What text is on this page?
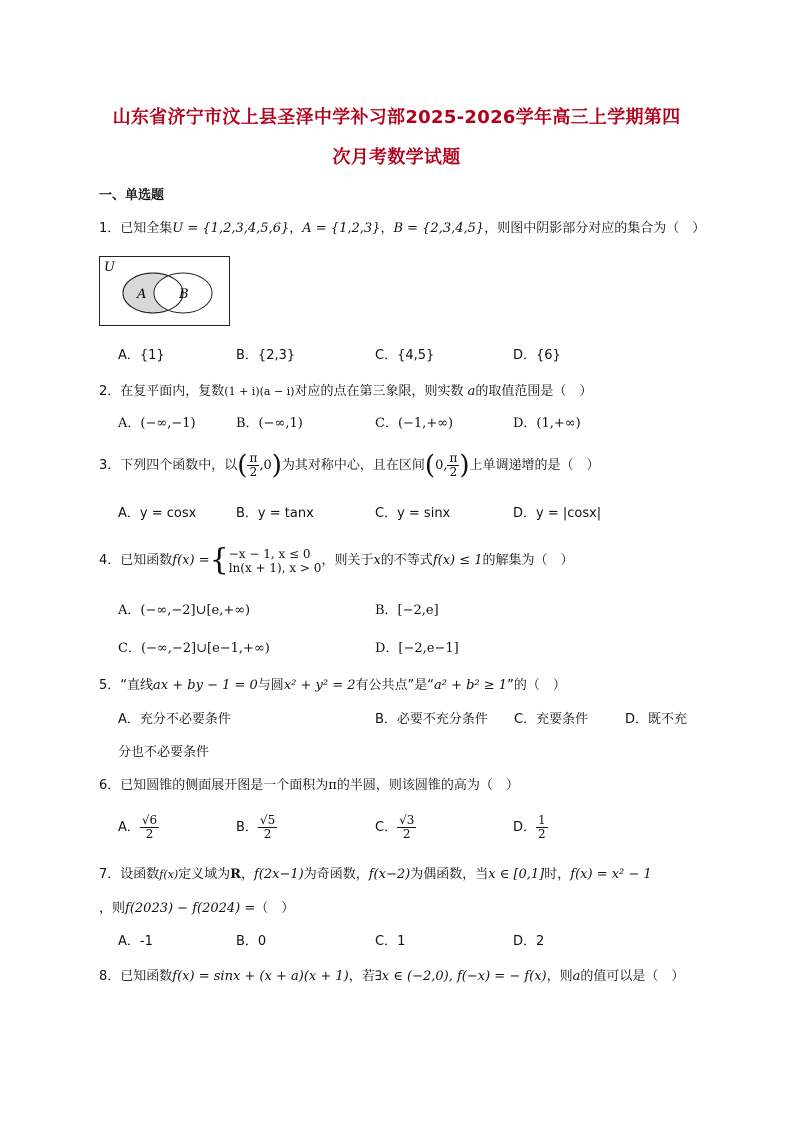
山东省济宁市汶上县圣泽中学补习部2025-2026学年高三上学期第四
次月考数学试题
一、单选题
1．已知全集U = {1,2,3,4,5,6}，A = {1,2,3}，B = {2,3,4,5}，则图中阴影部分对应的集合为（　）
U
A	B
A．{1}	B．{2,3}	C．{4,5}	D．{6}
2．在复平面内，复数(1 + i)(a − i)对应的点在第三象限，则实数 a的取值范围是（　）
A．(−∞,−1)	B．(−∞,1)	C．(−1,+∞)	D．(1,+∞)
3．下列四个函数中，以( $\frac{\pi}{2} ,0$)为其对称中心，且在区间(0, $\frac{\pi}{2}$ )上单调递增的是（　）
A．y = cosx	B．y = tanx	C．y = sinx	D．y = |cosx|
4．已知函数f(x) ={−x − 1, x ≤ 0
ln(x + 1), x > 0，则关于x的不等式f(x) ≤ 1的解集为（　）
A．(−∞,−2]∪[e,+∞)	B．[−2,e]
C．(−∞,−2]∪[e−1,+∞)	D．[−2,e−1]
5．“直线ax + by − 1 = 0与圆x² + y² = 2有公共点”是“a² + b² ≥ 1”的（　）
A．充分不必要条件	B．必要不充分条件 C．充要条件	D．既不充
分也不必要条件
6．已知圆锥的侧面展开图是一个面积为π的半圆，则该圆锥的高为（　）
A． $\frac{√6}{2}$	B． $\frac{√5}{2}$	C． $\frac{√3}{2}$	D． $\frac{1}{2}$
7．设函数f(x)定义域为R，f(2x−1)为奇函数，f(x−2)为偶函数，当x ∈ [0,1]时，f(x) = x² − 1
，则f(2023) − f(2024) =（　）
A．-1	B．0	C．1	D．2
8．已知函数f(x) = sinx + (x + a)(x + 1)，若∃x ∈ (−2,0), f(−x) = − f(x)，则a的值可以是（　）
